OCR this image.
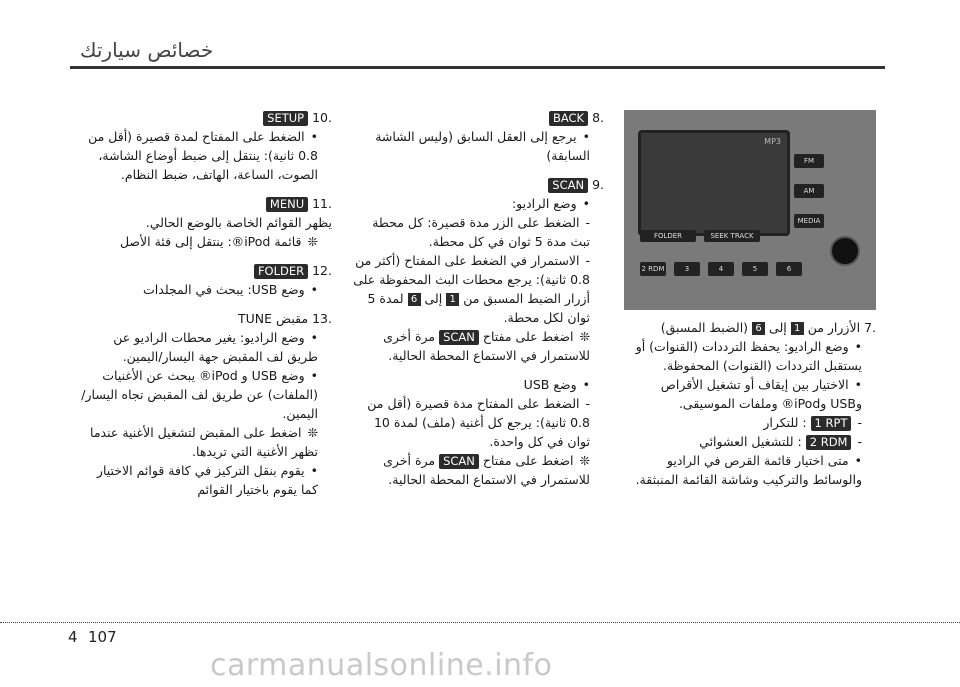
خصائص سيارتك
MP3
FM
AM
MEDIA
FOLDER	SEEK TRACK
2 RDM	3	4	5	6

.7 الأزرار من 1 إلى 6 (الضبط المسبق)

• وضع الراديو: يحفظ الترددات (القنوات) أو يستقبل الترددات (القنوات) المحفوظة.

• الاختيار بين إيقاف أو تشغيل الأقراص وUSB وiPod® وملفات الموسيقى.

- 1 RPT : للتكرار

- 2 RDM : للتشغيل العشوائي

• متى اختيار قائمة القرص في الراديو والوسائط والتركيب وشاشة القائمة المنبثقة.

.8 BACK

• يرجع إلى العقل السابق (وليس الشاشة السابقة)

.9 SCAN

• وضع الراديو:

- الضغط على الزر مدة قصيرة: كل محطة تبث مدة 5 ثوان في كل محطة.

- الاستمرار في الضغط على المفتاح (أكثر من 0.8 ثانية): يرجع محطات البث المحفوظة على أزرار الضبط المسبق من 1 إلى 6 لمدة 5 ثوان لكل محطة.

❊ اضغط على مفتاح SCAN مرة أخرى للاستمرار في الاستماع المحطة الحالية.

• وضع USB

- الضغط على المفتاح مدة قصيرة (أقل من 0.8 ثانية): يرجع كل أغنية (ملف) لمدة 10 ثوان في كل واحدة.

❊ اضغط على مفتاح SCAN مرة أخرى للاستمرار في الاستماع المحطة الحالية.

.10 SETUP

• الضغط على المفتاح لمدة قصيرة (أقل من 0.8 ثانية): ينتقل إلى ضبط أوضاع الشاشة، الصوت، الساعة، الهاتف، ضبط النظام.

.11 MENU

يظهر القوائم الخاصة بالوضع الحالي.

❊ قائمة iPod®: ينتقل إلى فئة الأصل

.12 FOLDER

• وضع USB: يبحث في المجلدات

.13 مقبض TUNE

• وضع الراديو: يغير محطات الراديو عن طريق لف المقبض جهة اليسار/اليمين.

• وضع USB و iPod® يبحث عن الأغنيات (الملفات) عن طريق لف المقبض تجاه اليسار/اليمين.

❊ اضغط على المقبض لتشغيل الأغنية عندما تظهر الأغنية التي تريدها.

• يقوم بنقل التركيز في كافة قوائم الاختيار كما يقوم باختيار القوائم

4 107
carmanualsonline.info
